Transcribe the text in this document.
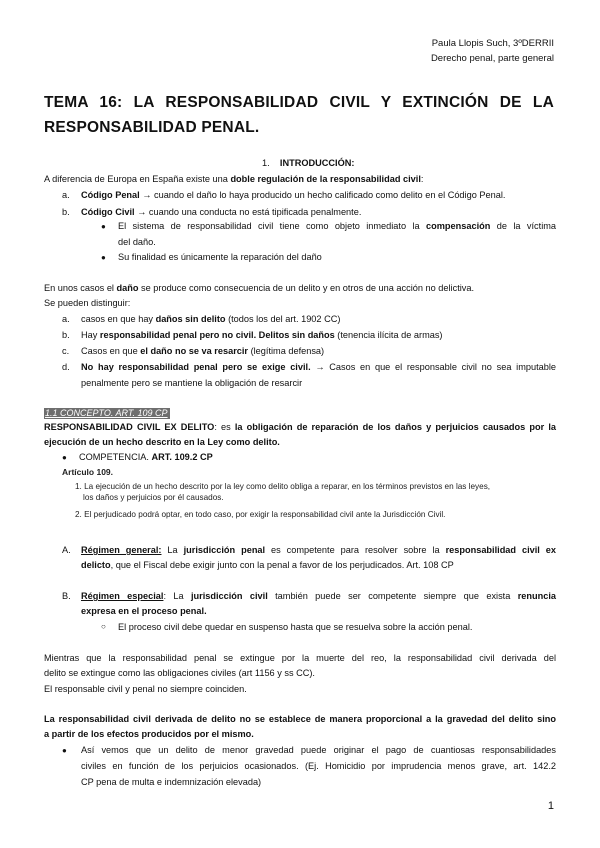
Paula Llopis Such, 3ºDERRII
Derecho penal, parte general
TEMA 16: LA RESPONSABILIDAD CIVIL Y EXTINCIÓN DE LA
RESPONSABILIDAD PENAL.
1. INTRODUCCIÓN:
A diferencia de Europa en España existe una doble regulación de la responsabilidad civil:
a. Código Penal → cuando el daño lo haya producido un hecho calificado como delito en el Código Penal.
b. Código Civil → cuando una conducta no está tipificada penalmente.
● El sistema de responsabilidad civil tiene como objeto inmediato la compensación de la víctima
del daño.
● Su finalidad es únicamente la reparación del daño
En unos casos el daño se produce como consecuencia de un delito y en otros de una acción no delictiva.
Se pueden distinguir:
a. casos en que hay daños sin delito (todos los del art. 1902 CC)
b. Hay responsabilidad penal pero no civil. Delitos sin daños (tenencia ilícita de armas)
c. Casos en que el daño no se va resarcir (legítima defensa)
d. No hay responsabilidad penal pero se exige civil. → Casos en que el responsable civil no sea imputable
penalmente pero se mantiene la obligación de resarcir
1.1 CONCEPTO. ART. 109 CP
RESPONSABILIDAD CIVIL EX DELITO: es la obligación de reparación de los daños y perjuicios causados por la
ejecución de un hecho descrito en la Ley como delito.
● COMPETENCIA. ART. 109.2 CP
Artículo 109.
1. La ejecución de un hecho descrito por la ley como delito obliga a reparar, en los términos previstos en las leyes,
los daños y perjuicios por él causados.
2. El perjudicado podrá optar, en todo caso, por exigir la responsabilidad civil ante la Jurisdicción Civil.
A. Régimen general: La jurisdicción penal es competente para resolver sobre la responsabilidad civil ex
delicto, que el Fiscal debe exigir junto con la penal a favor de los perjudicados. Art. 108 CP
B. Régimen especial: La jurisdicción civil también puede ser competente siempre que exista renuncia
expresa en el proceso penal.
○ El proceso civil debe quedar en suspenso hasta que se resuelva sobre la acción penal.
Mientras que la responsabilidad penal se extingue por la muerte del reo, la responsabilidad civil derivada del
delito se extingue como las obligaciones civiles (art 1156 y ss CC).
El responsable civil y penal no siempre coinciden.
La responsabilidad civil derivada de delito no se establece de manera proporcional a la gravedad del delito sino
a partir de los efectos producidos por el mismo.
● Así vemos que un delito de menor gravedad puede originar el pago de cuantiosas responsabilidades
civiles en función de los perjuicios ocasionados. (Ej. Homicidio por imprudencia menos grave, art. 142.2
CP pena de multa e indemnización elevada)
1
